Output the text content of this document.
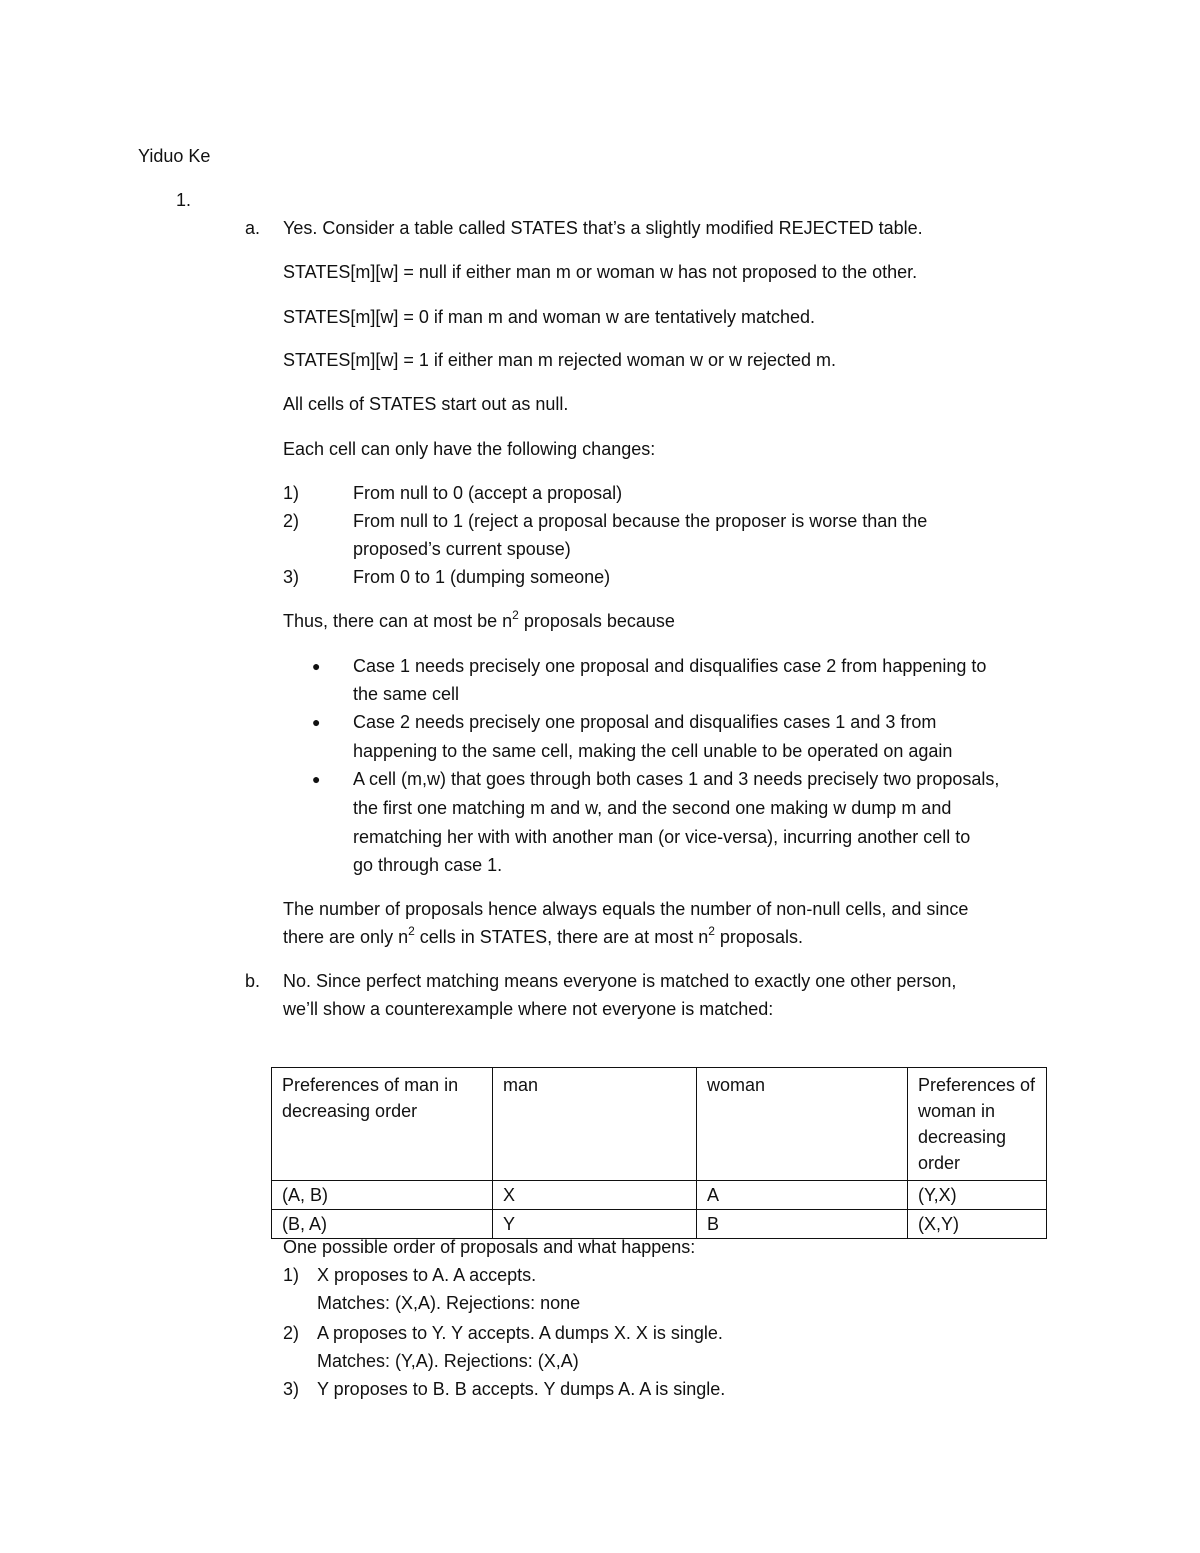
Yiduo Ke
1.
a. Yes. Consider a table called STATES that’s a slightly modified REJECTED table.
STATES[m][w] = null if either man m or woman w has not proposed to the other.
STATES[m][w] = 0 if man m and woman w are tentatively matched.
STATES[m][w] = 1 if either man m rejected woman w or w rejected m.
All cells of STATES start out as null.
Each cell can only have the following changes:
1)	From null to 0 (accept a proposal)
2)	From null to 1 (reject a proposal because the proposer is worse than the
proposed’s current spouse)
3)	From 0 to 1 (dumping someone)
Thus, there can at most be $n^2$ proposals because
● Case 1 needs precisely one proposal and disqualifies case 2 from happening to
the same cell
● Case 2 needs precisely one proposal and disqualifies cases 1 and 3 from
happening to the same cell, making the cell unable to be operated on again
● A cell (m,w) that goes through both cases 1 and 3 needs precisely two proposals,
the first one matching m and w, and the second one making w dump m and
rematching her with with another man (or vice-versa), incurring another cell to
go through case 1.
The number of proposals hence always equals the number of non-null cells, and since
there are only $n^2$ cells in STATES, there are at most $n^2$ proposals.
b. No. Since perfect matching means everyone is matched to exactly one other person,
we’ll show a counterexample where not everyone is matched:
Preferences of man in decreasing order	man	woman	Preferences of woman in decreasing order
(A, B)	X	A	(Y,X)
(B, A)	Y	B	(X,Y)
One possible order of proposals and what happens:
1) X proposes to A. A accepts.
Matches: (X,A). Rejections: none
2) A proposes to Y. Y accepts. A dumps X. X is single.
Matches: (Y,A). Rejections: (X,A)
3) Y proposes to B. B accepts. Y dumps A. A is single.
